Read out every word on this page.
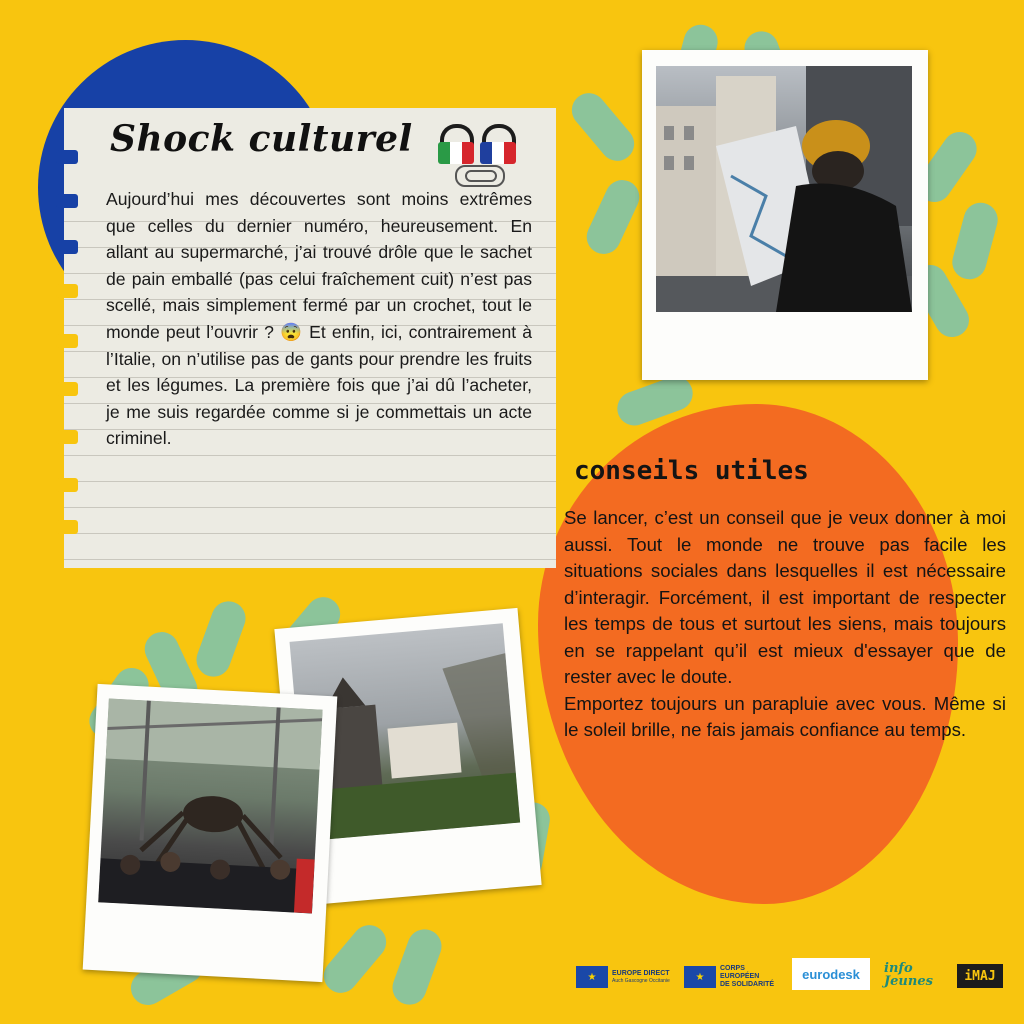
Shock culturel
Aujourd’hui mes découvertes sont moins extrêmes que celles du dernier numéro, heureusement. En allant au supermarché, j’ai trouvé drôle que le sachet de pain emballé (pas celui fraîchement cuit) n’est pas scellé, mais simplement fermé par un crochet, tout le monde peut l’ouvrir ? 😨 Et enfin, ici, contrairement à l’Italie, on n’utilise pas de gants pour prendre les fruits et les légumes. La première fois que j’ai dû l’acheter, je me suis regardée comme si je commettais un acte criminel.
conseils utiles

Se lancer, c’est un conseil que je veux donner à moi aussi. Tout le monde ne trouve pas facile les situations sociales dans lesquelles il est nécessaire d’interagir. Forcément, il est important de respecter les temps de tous et surtout les siens, mais toujours en se rappelant qu’il est mieux d'essayer que de rester avec le doute.

Emportez toujours un parapluie avec vous. Même si le soleil brille, ne fais jamais confiance au temps.

★	EUROPE DIRECT
Auch Gascogne Occitanie	★
CORPS
EUROPÉEN
DE SOLIDARITÉ
eurodesk	info
Jeunes	iMAJ
